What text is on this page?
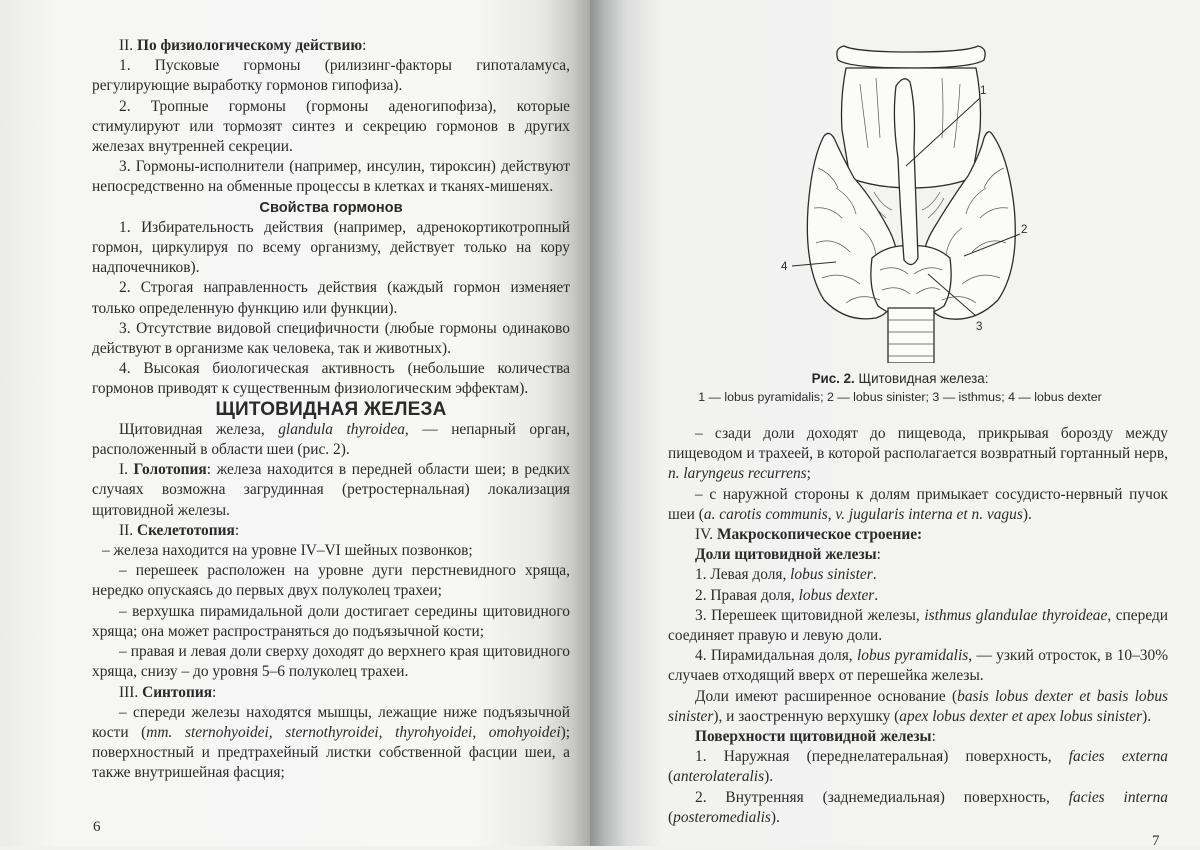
II. По физиологическому действию:

1. Пусковые гормоны (рилизинг-факторы гипоталамуса, регулирующие выработку гормонов гипофиза).

2. Тропные гормоны (гормоны аденогипофиза), которые стимулируют или тормозят синтез и секрецию гормонов в других железах внутренней секреции.

3. Гормоны-исполнители (например, инсулин, тироксин) действуют непосредственно на обменные процессы в клетках и тканях-мишенях.

Свойства гормонов

1. Избирательность действия (например, адренокортикотропный гормон, циркулируя по всему организму, действует только на кору надпочечников).

2. Строгая направленность действия (каждый гормон изменяет только определенную функцию или функции).

3. Отсутствие видовой специфичности (любые гормоны одинаково действуют в организме как человека, так и животных).

4. Высокая биологическая активность (небольшие количества гормонов приводят к существенным физиологическим эффектам).

ЩИТОВИДНАЯ ЖЕЛЕЗА

Щитовидная железа, glandula thyroidea, — непарный орган, расположенный в области шеи (рис. 2).

I. Голотопия: железа находится в передней области шеи; в редких случаях возможна загрудинная (ретростернальная) локализация щитовидной железы.

II. Скелетотопия:

– железа находится на уровне IV–VI шейных позвонков;

– перешеек расположен на уровне дуги перстневидного хряща, нередко опускаясь до первых двух полуколец трахеи;

– верхушка пирамидальной доли достигает середины щитовидного хряща; она может распространяться до подъязычной кости;

– правая и левая доли сверху доходят до верхнего края щитовидного хряща, снизу – до уровня 5–6 полуколец трахеи.

III. Синтопия:

– спереди железы находятся мышцы, лежащие ниже подъязычной кости (mm. sternohyoidei, sternothyroidei, thyrohyoidei, omohyoidei); поверхностный и предтрахейный листки собственной фасции шеи, а также внутришейная фасция;

6
1
2
3
4
Рис. 2. Щитовидная железа:
1 — lobus pyramidalis; 2 — lobus sinister; 3 — isthmus; 4 — lobus dexter

– сзади доли доходят до пищевода, прикрывая борозду между пищеводом и трахеей, в которой располагается возвратный гортанный нерв, n. laryngeus recurrens;

– с наружной стороны к долям примыкает сосудисто-нервный пучок шеи (a. carotis communis, v. jugularis interna et n. vagus).

IV. Макроскопическое строение:

Доли щитовидной железы:

1. Левая доля, lobus sinister.

2. Правая доля, lobus dexter.

3. Перешеек щитовидной железы, isthmus glandulae thyroideae, спереди соединяет правую и левую доли.

4. Пирамидальная доля, lobus pyramidalis, — узкий отросток, в 10–30% случаев отходящий вверх от перешейка железы.

Доли имеют расширенное основание (basis lobus dexter et basis lobus sinister), и заостренную верхушку (apex lobus dexter et apex lobus sinister).

Поверхности щитовидной железы:

1. Наружная (переднелатеральная) поверхность, facies externa (anterolateralis).

2. Внутренняя (заднемедиальная) поверхность, facies interna (posteromedialis).

7
